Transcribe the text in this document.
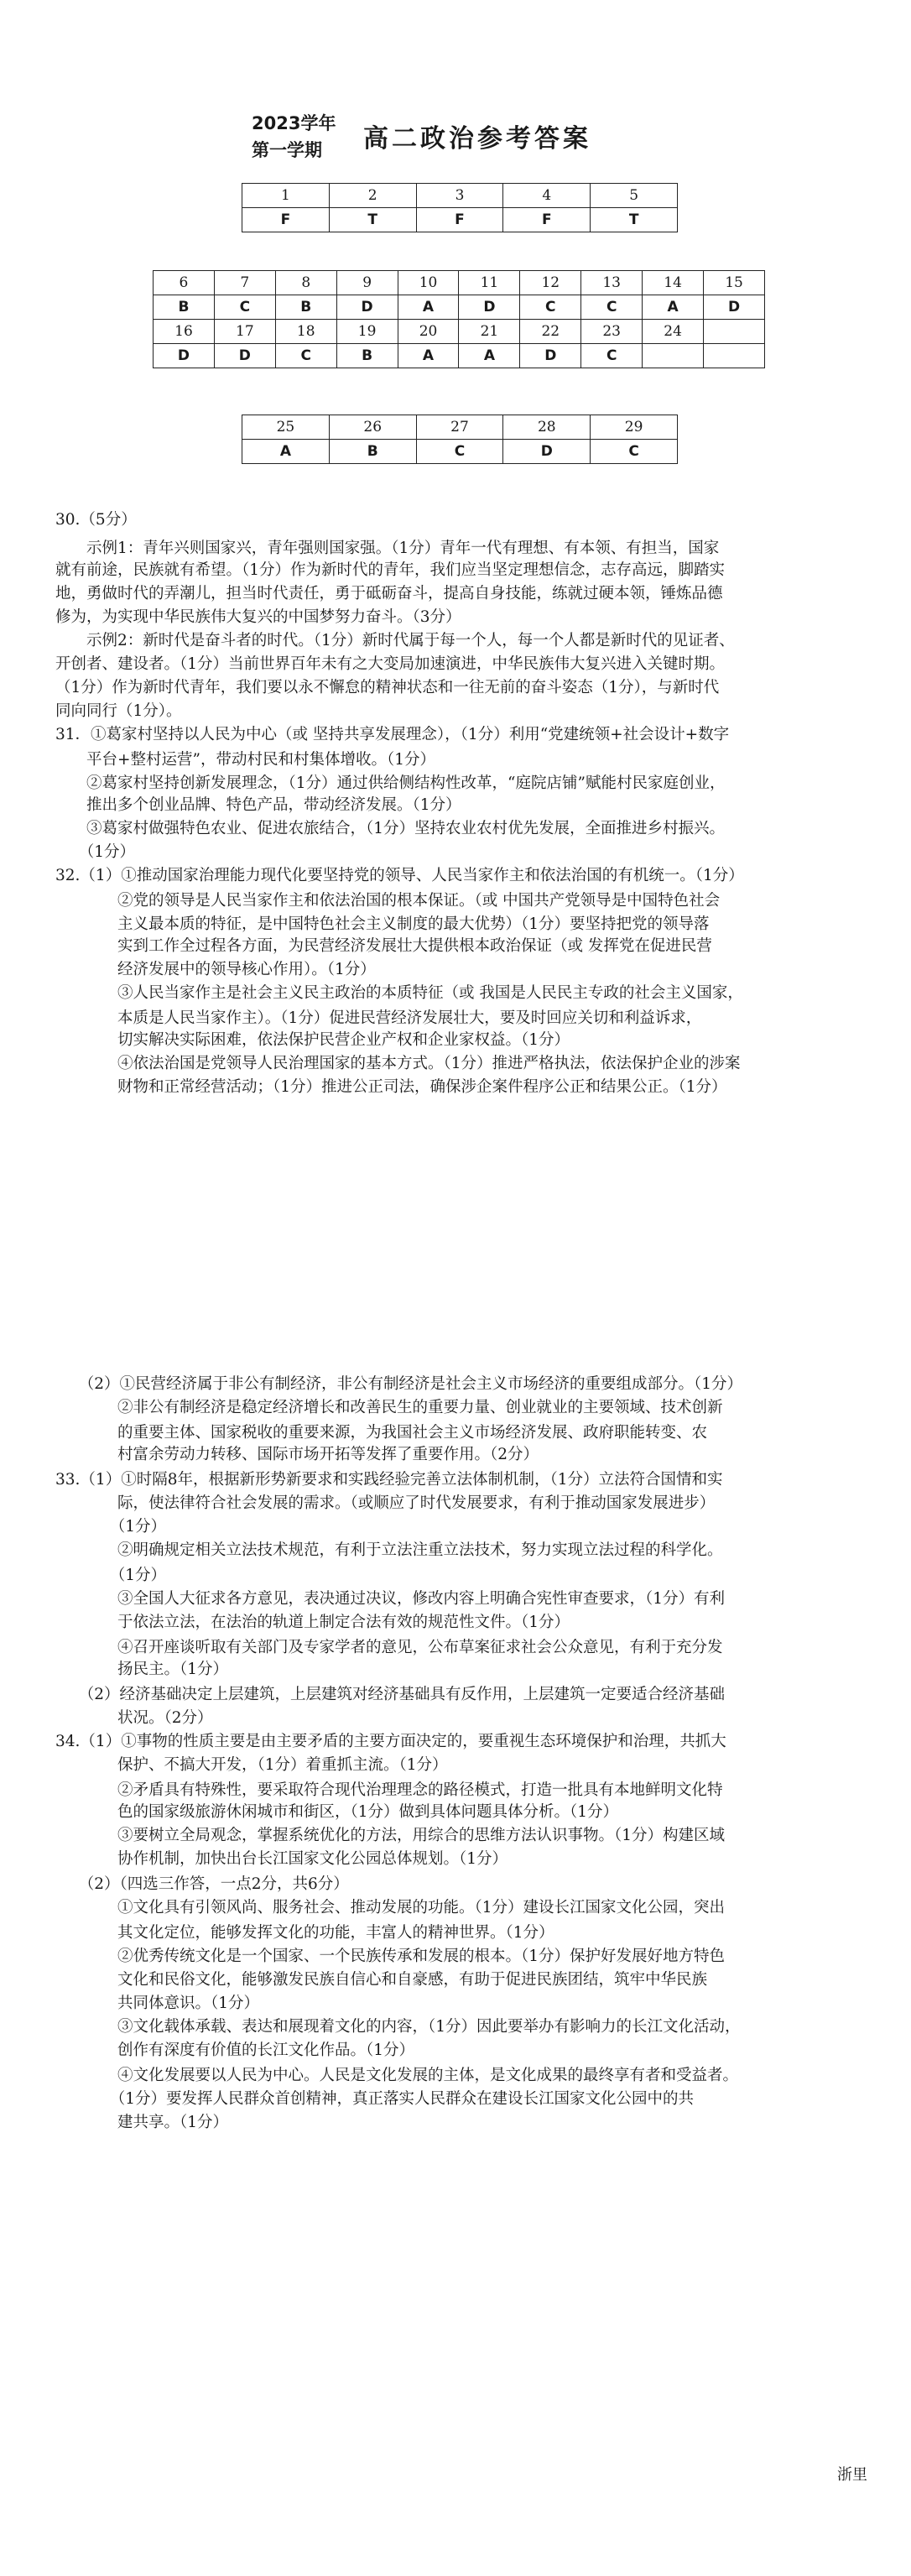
2023学年
第一学期 高二政治参考答案
1	2	3	4	5
F	T	F	F	T
6	7	8	9	10	11	12	13	14	15
B	C	B	D	A	D	C	C	A	D
16	17	18	19	20	21	22	23	24	
D	D	C	B	A	A	D	C		
25	26	27	28	29
A	B	C	D	C
30.（5分）
　　示例1：青年兴则国家兴，青年强则国家强。（1分）青年一代有理想、有本领、有担当，国家
就有前途，民族就有希望。（1分）作为新时代的青年，我们应当坚定理想信念，志存高远，脚踏实
地，勇做时代的弄潮儿，担当时代责任，勇于砥砺奋斗，提高自身技能，练就过硬本领，锤炼品德
修为，为实现中华民族伟大复兴的中国梦努力奋斗。（3分）
　　示例2：新时代是奋斗者的时代。（1分）新时代属于每一个人，每一个人都是新时代的见证者、
开创者、建设者。（1分）当前世界百年未有之大变局加速演进，中华民族伟大复兴进入关键时期。
（1分）作为新时代青年，我们要以永不懈怠的精神状态和一往无前的奋斗姿态（1分），与新时代
同向同行（1分）。
31．①葛家村坚持以人民为中心（或 坚持共享发展理念），（1分）利用“党建统领+社会设计+数字
　　平台+整村运营”，带动村民和村集体增收。（1分）
　　②葛家村坚持创新发展理念，（1分）通过供给侧结构性改革，“庭院店铺”赋能村民家庭创业，
　　推出多个创业品牌、特色产品，带动经济发展。（1分）
　　③葛家村做强特色农业、促进农旅结合，（1分）坚持农业农村优先发展，全面推进乡村振兴。
　　（1分）
32.（1）①推动国家治理能力现代化要坚持党的领导、人民当家作主和依法治国的有机统一。（1分）
　　　　②党的领导是人民当家作主和依法治国的根本保证。（或 中国共产党领导是中国特色社会
　　　　主义最本质的特征，是中国特色社会主义制度的最大优势）（1分）要坚持把党的领导落
　　　　实到工作全过程各方面，为民营经济发展壮大提供根本政治保证（或 发挥党在促进民营
　　　　经济发展中的领导核心作用）。（1分）
　　　　③人民当家作主是社会主义民主政治的本质特征（或 我国是人民民主专政的社会主义国家，
　　　　本质是人民当家作主）。（1分）促进民营经济发展壮大，要及时回应关切和利益诉求，
　　　　切实解决实际困难，依法保护民营企业产权和企业家权益。（1分）
　　　　④依法治国是党领导人民治理国家的基本方式。（1分）推进严格执法，依法保护企业的涉案
　　　　财物和正常经营活动；（1分）推进公正司法，确保涉企案件程序公正和结果公正。（1分）
　　（2）①民营经济属于非公有制经济，非公有制经济是社会主义市场经济的重要组成部分。（1分）
　　　　②非公有制经济是稳定经济增长和改善民生的重要力量、创业就业的主要领域、技术创新
　　　　的重要主体、国家税收的重要来源，为我国社会主义市场经济发展、政府职能转变、农
　　　　村富余劳动力转移、国际市场开拓等发挥了重要作用。（2分）
33.（1）①时隔8年，根据新形势新要求和实践经验完善立法体制机制，（1分）立法符合国情和实
　　　　际，使法律符合社会发展的需求。（或顺应了时代发展要求，有利于推动国家发展进步）
　　　　（1分）
　　　　②明确规定相关立法技术规范，有利于立法注重立法技术，努力实现立法过程的科学化。
　　　　（1分）
　　　　③全国人大征求各方意见，表决通过决议，修改内容上明确合宪性审查要求，（1分）有利
　　　　于依法立法，在法治的轨道上制定合法有效的规范性文件。（1分）
　　　　④召开座谈听取有关部门及专家学者的意见，公布草案征求社会公众意见，有利于充分发
　　　　扬民主。（1分）
　　（2）经济基础决定上层建筑，上层建筑对经济基础具有反作用，上层建筑一定要适合经济基础
　　　　状况。（2分）
34.（1）①事物的性质主要是由主要矛盾的主要方面决定的，要重视生态环境保护和治理，共抓大
　　　　保护、不搞大开发，（1分）着重抓主流。（1分）
　　　　②矛盾具有特殊性，要采取符合现代治理理念的路径模式，打造一批具有本地鲜明文化特
　　　　色的国家级旅游休闲城市和街区，（1分）做到具体问题具体分析。（1分）
　　　　③要树立全局观念，掌握系统优化的方法，用综合的思维方法认识事物。（1分）构建区域
　　　　协作机制，加快出台长江国家文化公园总体规划。（1分）
　　（2）（四选三作答，一点2分，共6分）
　　　　①文化具有引领风尚、服务社会、推动发展的功能。（1分）建设长江国家文化公园，突出
　　　　其文化定位，能够发挥文化的功能，丰富人的精神世界。（1分）
　　　　②优秀传统文化是一个国家、一个民族传承和发展的根本。（1分）保护好发展好地方特色
　　　　文化和民俗文化，能够激发民族自信心和自豪感，有助于促进民族团结，筑牢中华民族
　　　　共同体意识。（1分）
　　　　③文化载体承载、表达和展现着文化的内容，（1分）因此要举办有影响力的长江文化活动，
　　　　创作有深度有价值的长江文化作品。（1分）
　　　　④文化发展要以人民为中心。人民是文化发展的主体，是文化成果的最终享有者和受益者。
　　　　（1分）要发挥人民群众首创精神，真正落实人民群众在建设长江国家文化公园中的共
　　　　建共享。（1分）
浙里
